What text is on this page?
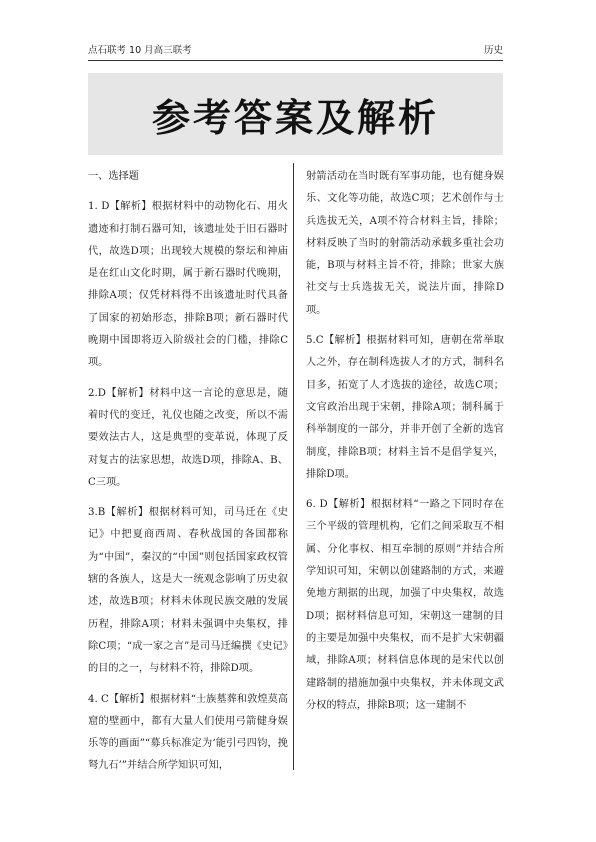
点石联考 10 月高三联考	历史
参考答案及解析

一、选择题

1. D【解析】根据材料中的动物化石、用火遗迹和打制石器可知，该遗址处于旧石器时代，故选D项；出现较大规模的祭坛和神庙是在红山文化时期，属于新石器时代晚期，排除A项；仅凭材料得不出该遗址时代具备了国家的初始形态，排除B项；新石器时代晚期中国即将迈入阶级社会的门槛，排除C项。

2.D【解析】材料中这一言论的意思是，随着时代的变迁，礼仪也随之改变，所以不需要效法古人，这是典型的变革说，体现了反对复古的法家思想，故选D项，排除A、B、C三项。

3.B【解析】根据材料可知，司马迁在《史记》中把夏商西周、春秋战国的各国都称为“中国”，秦汉的“中国”则包括国家政权管辖的各族人，这是大一统观念影响了历史叙述，故选B项；材料未体现民族交融的发展历程，排除A项；材料未强调中央集权，排除C项；“成一家之言”是司马迁编撰《史记》的目的之一，与材料不符，排除D项。

4. C【解析】根据材料“士族墓葬和敦煌莫高窟的壁画中，都有大量人们使用弓箭健身娱乐等的画面”“募兵标准定为‘能引弓四钧，挽弩九石’”并结合所学知识可知，

射箭活动在当时既有军事功能，也有健身娱乐、文化等功能，故选C项；艺术创作与士兵选拔无关，A项不符合材料主旨，排除；材料反映了当时的射箭活动承载多重社会功能，B项与材料主旨不符，排除；世家大族社交与士兵选拔无关，说法片面，排除D项。

5.C【解析】根据材料可知，唐朝在常举取人之外，存在制科选拔人才的方式，制科名目多，拓宽了人才选拔的途径，故选C项；文官政治出现于宋朝，排除A项；制科属于科举制度的一部分，并非开创了全新的选官制度，排除B项；材料主旨不是倡学复兴，排除D项。

6. D【解析】根据材料“一路之下同时存在三个平级的管理机构，它们之间采取互不相属、分化事权、相互牵制的原则”并结合所学知识可知，宋朝以创建路制的方式，来避免地方割据的出现，加强了中央集权，故选D项；据材料信息可知，宋朝这一建制的目的主要是加强中央集权，而不是扩大宋朝疆域，排除A项；材料信息体现的是宋代以创建路制的措施加强中央集权，并未体现文武分权的特点，排除B项；这一建制不
